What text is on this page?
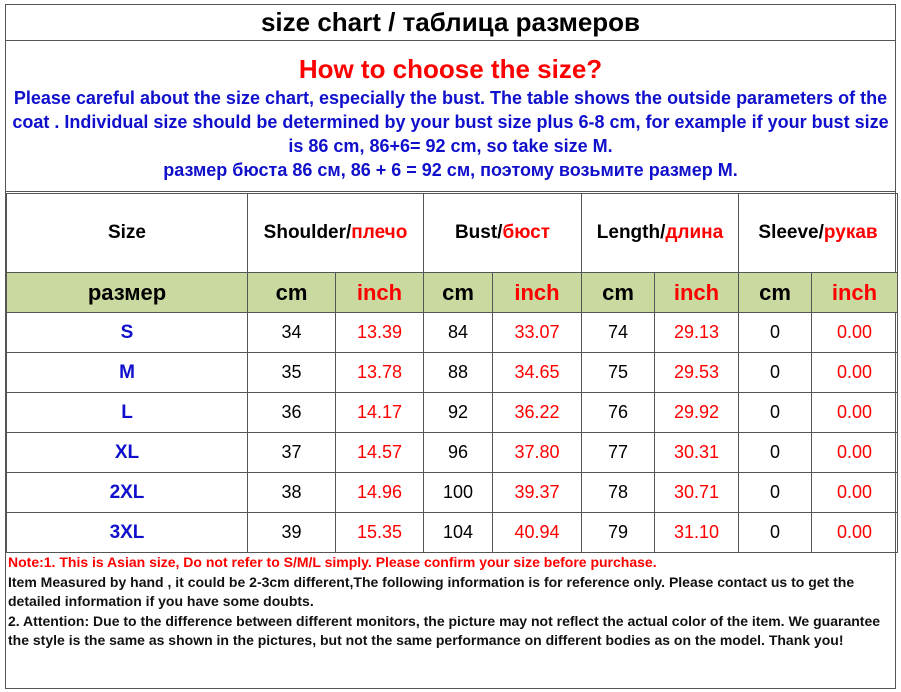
size chart / таблица размеров
How to choose the size?
Please careful about the size chart, especially the bust. The table shows the outside parameters of the coat . Individual size should be determined by your bust size plus 6-8 cm, for example if your bust size is 86 cm, 86+6= 92 cm, so take size M.
размер бюста 86 см, 86 + 6 = 92 см, поэтому возьмите размер M.
Size	Shoulder/плечо		Bust/бюст		Length/длина		Sleeve/рукав	
размер	cm	inch	cm	inch	cm	inch	cm	inch
S	34	13.39	84	33.07	74	29.13	0	0.00
M	35	13.78	88	34.65	75	29.53	0	0.00
L	36	14.17	92	36.22	76	29.92	0	0.00
XL	37	14.57	96	37.80	77	30.31	0	0.00
2XL	38	14.96	100	39.37	78	30.71	0	0.00
3XL	39	15.35	104	40.94	79	31.10	0	0.00
Note:1. This is Asian size, Do not refer to S/M/L simply. Please confirm your size before purchase.
Item Measured by hand , it could be 2-3cm different,The following information is for reference only. Please contact us to get the detailed information if you have some doubts.
2. Attention: Due to the difference between different monitors, the picture may not reflect the actual color of the item. We guarantee the style is the same as shown in the pictures, but not the same performance on different bodies as on the model. Thank you!
